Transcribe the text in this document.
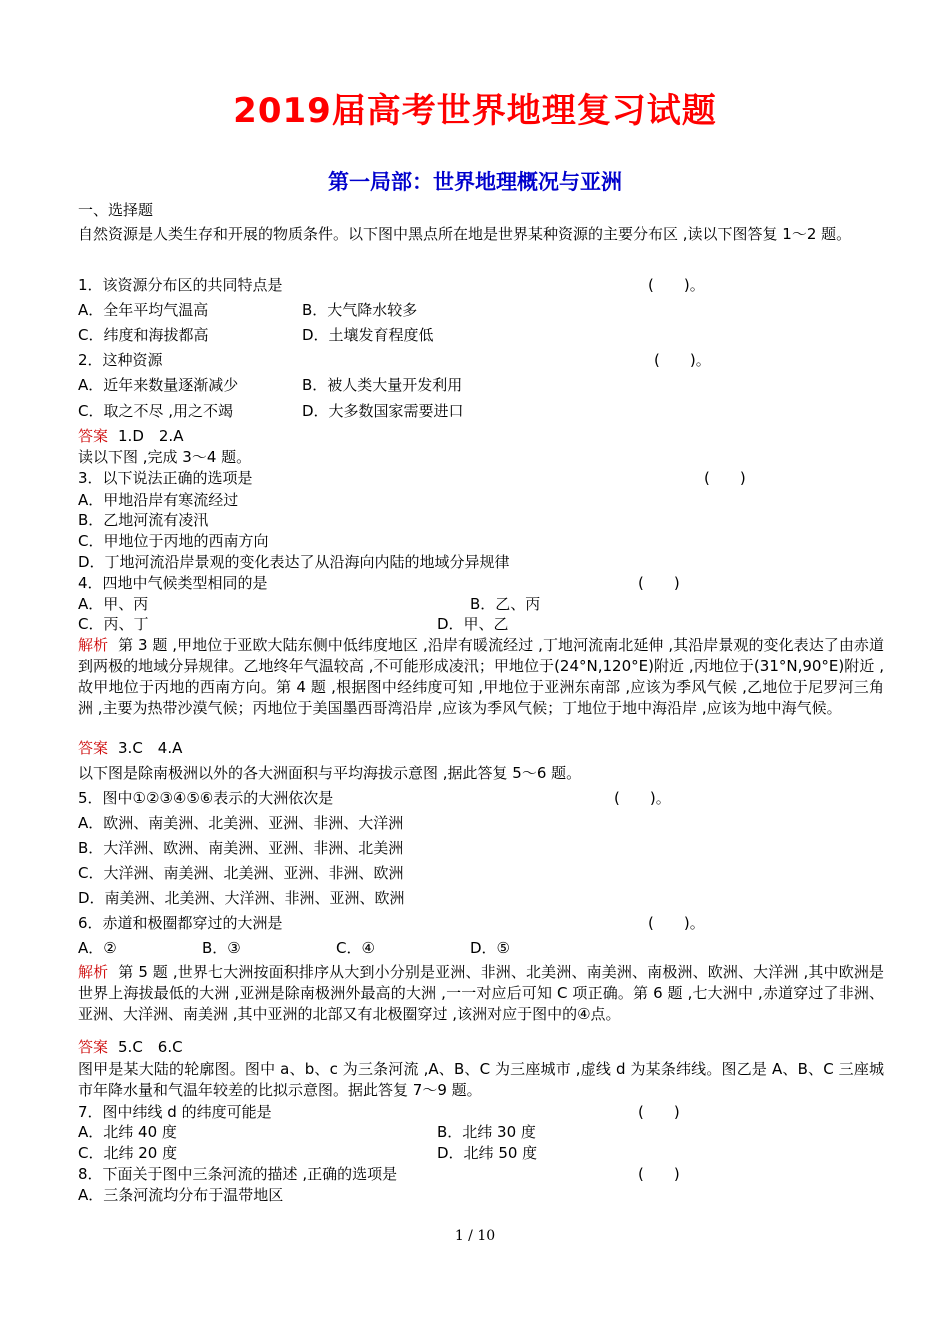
2019届高考世界地理复习试题
第一局部：世界地理概况与亚洲
一、选择题
自然资源是人类生存和开展的物质条件。以下图中黑点所在地是世界某种资源的主要分布区 ,读以下图答复 1～2 题。
1．该资源分布区的共同特点是	(　　)。
A．全年平均气温高	B．大气降水较多
C．纬度和海拔都高	D．土壤发育程度低
2．这种资源	(　　)。
A．近年来数量逐渐减少	B．被人类大量开发利用
C．取之不尽 ,用之不竭	D．大多数国家需要进口
答案 1.D　2.A
读以下图 ,完成 3～4 题。
3．以下说法正确的选项是	(　　)
A．甲地沿岸有寒流经过
B．乙地河流有凌汛
C．甲地位于丙地的西南方向
D．丁地河流沿岸景观的变化表达了从沿海向内陆的地域分异规律
4．四地中气候类型相同的是	(　　)
A．甲、丙	B．乙、丙
C．丙、丁	D．甲、乙
解析 第 3 题 ,甲地位于亚欧大陆东侧中低纬度地区 ,沿岸有暖流经过 ,丁地河流南北延伸 ,其沿岸景观的变化表达了由赤道到两极的地域分异规律。乙地终年气温较高 ,不可能形成凌汛；甲地位于(24°N,120°E)附近 ,丙地位于(31°N,90°E)附近 ,故甲地位于丙地的西南方向。第 4 题 ,根据图中经纬度可知 ,甲地位于亚洲东南部 ,应该为季风气候 ,乙地位于尼罗河三角洲 ,主要为热带沙漠气候；丙地位于美国墨西哥湾沿岸 ,应该为季风气候；丁地位于地中海沿岸 ,应该为地中海气候。
答案 3.C　4.A
以下图是除南极洲以外的各大洲面积与平均海拔示意图 ,据此答复 5～6 题。
5．图中①②③④⑤⑥表示的大洲依次是	(　　)。
A．欧洲、南美洲、北美洲、亚洲、非洲、大洋洲
B．大洋洲、欧洲、南美洲、亚洲、非洲、北美洲
C．大洋洲、南美洲、北美洲、亚洲、非洲、欧洲
D．南美洲、北美洲、大洋洲、非洲、亚洲、欧洲
6．赤道和极圈都穿过的大洲是	(　　)。
A．②	B．③	C．④	D．⑤
解析 第 5 题 ,世界七大洲按面积排序从大到小分别是亚洲、非洲、北美洲、南美洲、南极洲、欧洲、大洋洲 ,其中欧洲是世界上海拔最低的大洲 ,亚洲是除南极洲外最高的大洲 ,一一对应后可知 C 项正确。第 6 题 ,七大洲中 ,赤道穿过了非洲、亚洲、大洋洲、南美洲 ,其中亚洲的北部又有北极圈穿过 ,该洲对应于图中的④点。
答案 5.C　6.C
图甲是某大陆的轮廓图。图中 a、b、c 为三条河流 ,A、B、C 为三座城市 ,虚线 d 为某条纬线。图乙是 A、B、C 三座城市年降水量和气温年较差的比拟示意图。据此答复 7～9 题。
7．图中纬线 d 的纬度可能是	(　　)
A．北纬 40 度	B．北纬 30 度
C．北纬 20 度	D．北纬 50 度
8．下面关于图中三条河流的描述 ,正确的选项是	(　　)
A．三条河流均分布于温带地区
1 / 10
